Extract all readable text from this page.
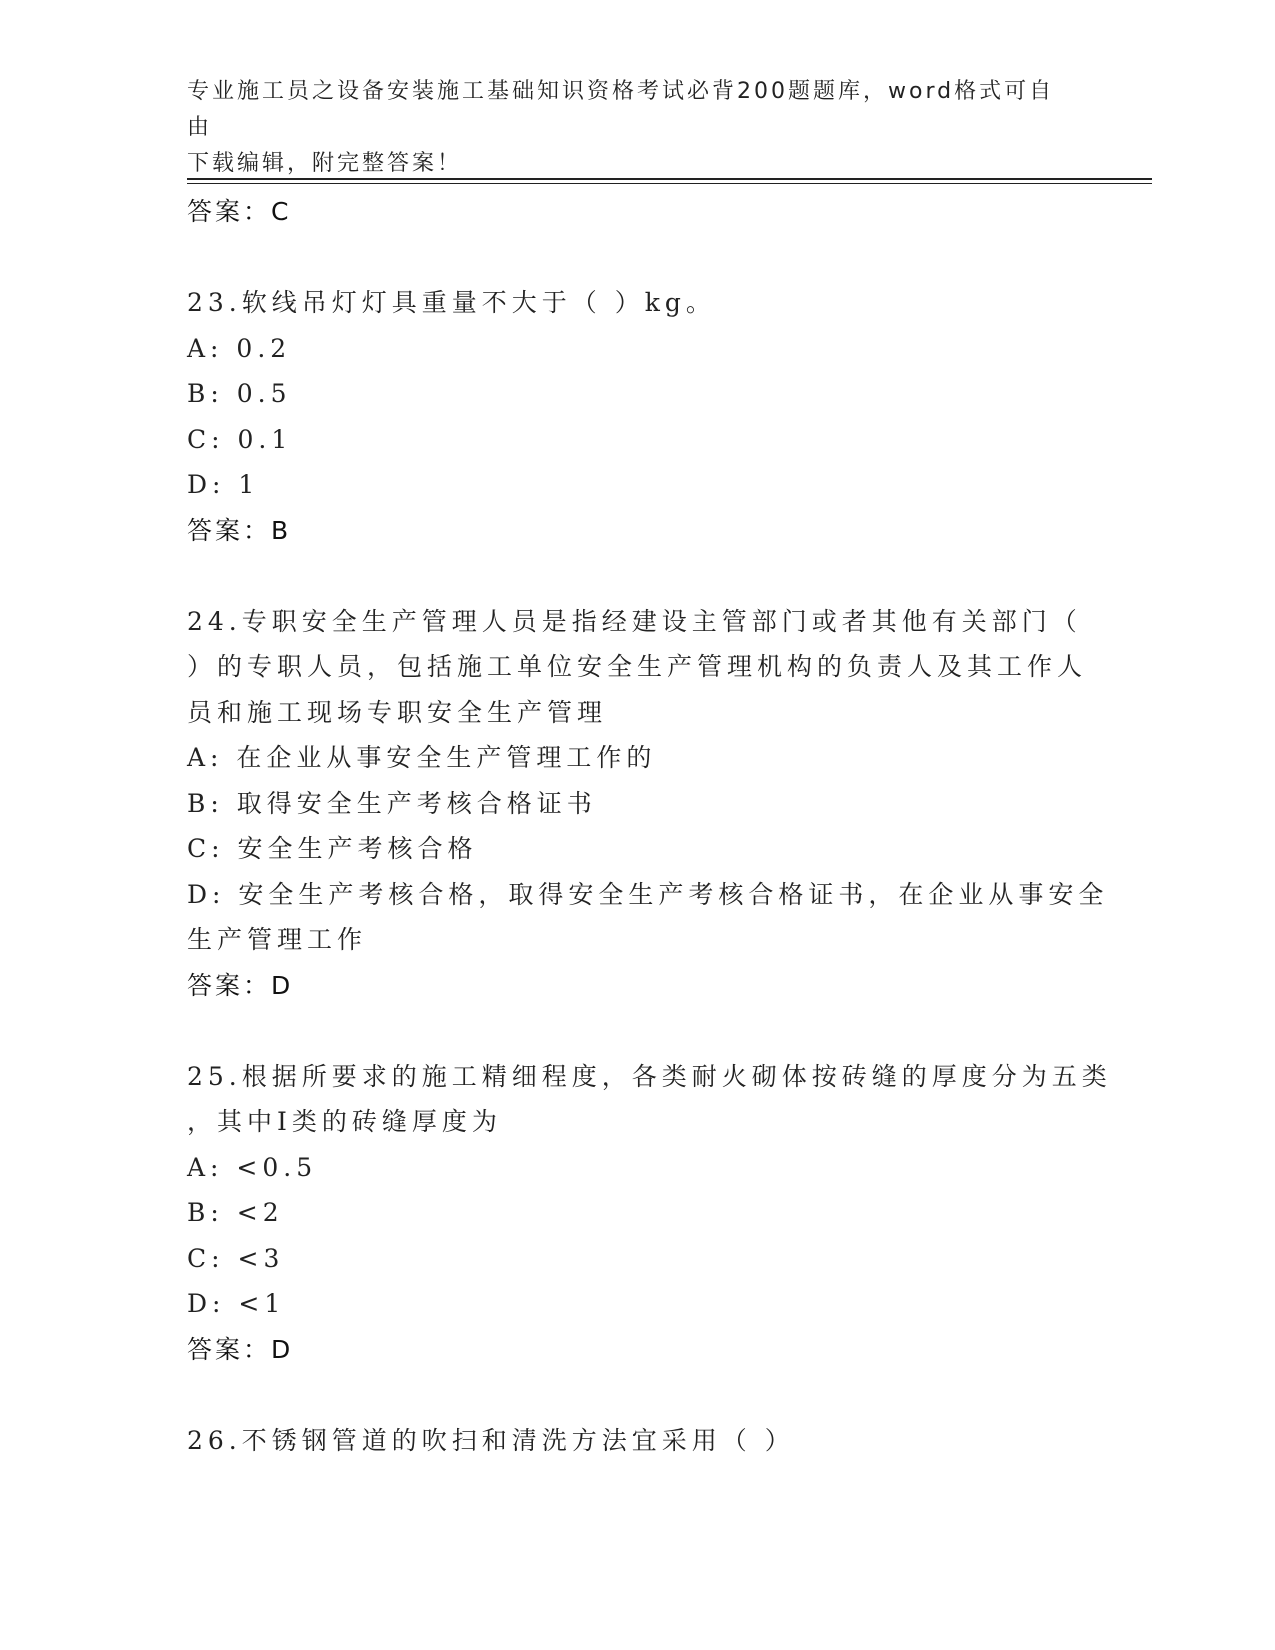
专业施工员之设备安装施工基础知识资格考试必背200题题库，word格式可自由
下载编辑，附完整答案！
答案：C
23.软线吊灯灯具重量不大于（ ）kg。
A: 0.2
B: 0.5
C: 0.1
D: 1
答案：B
24.专职安全生产管理人员是指经建设主管部门或者其他有关部门（
）的专职人员，包括施工单位安全生产管理机构的负责人及其工作人
员和施工现场专职安全生产管理
A: 在企业从事安全生产管理工作的
B: 取得安全生产考核合格证书
C: 安全生产考核合格
D: 安全生产考核合格，取得安全生产考核合格证书，在企业从事安全
生产管理工作
答案：D
25.根据所要求的施工精细程度，各类耐火砌体按砖缝的厚度分为五类
，其中Ⅰ类的砖缝厚度为
A: <0.5
B: <2
C: <3
D: <1
答案：D
26.不锈钢管道的吹扫和清洗方法宜采用（ ）
